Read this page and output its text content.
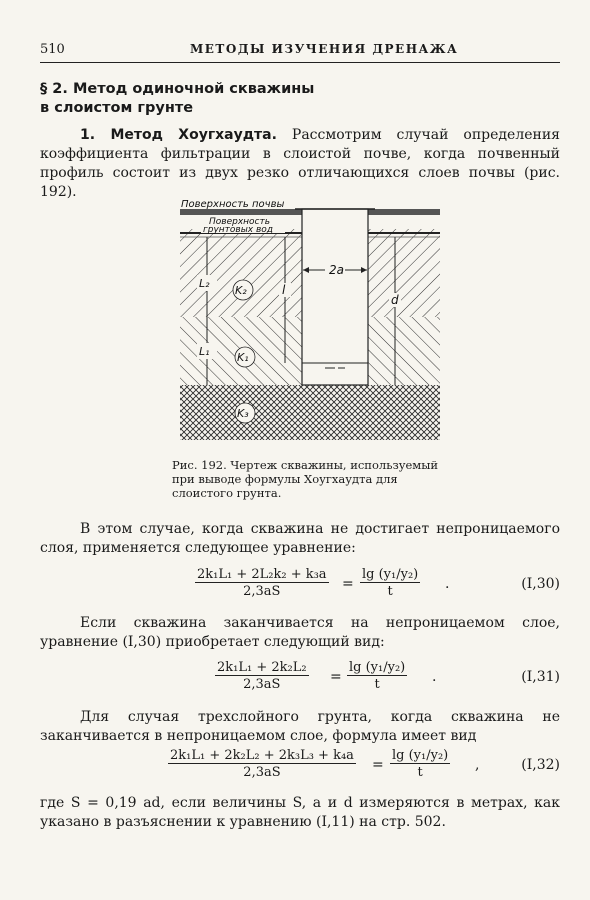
510	МЕТОДЫ ИЗУЧЕНИЯ ДРЕНАЖА
§ 2. Метод одиночной скважины
в слоистом грунте
1. Метод Хоугхаудта. Рассмотрим случай определения коэффициента фильтрации в слоистой почве, когда почвенный профиль состоит из двух резко отличающихся слоев почвы (рис. 192).
2a
d
l
L₂
L₁
K₂
K₁
K₃
Поверхность почвы
Поверхность
грунтовых вод
Рис. 192. Чертеж скважины, используемый при выводе формулы Хоугхаудта для слоистого грунта.
В этом случае, когда скважина не достигает непроницаемого слоя, применяется следующее уравнение:
$\frac{\text{2k₁L₁ + 2L₂k₂ + k₃a}}{2,3aS} = \frac{\text{lg (y₁/y₂)}}{t}$ .	(I,30)
Если скважина заканчивается на непроницаемом слое, уравнение (I,30) приобретает следующий вид:
$\frac{\text{2k₁L₁ + 2k₂L₂}}{2,3aS} = \frac{\text{lg (y₁/y₂)}}{t}$ .	(I,31)
Для случая трехслойного грунта, когда скважина не заканчивается в непроницаемом слое, формула имеет вид
$\frac{\text{2k₁L₁ + 2k₂L₂ + 2k₃L₃ + k₄a}}{2,3aS} = \frac{\text{lg (y₁/y₂)}}{t}$ ,	(I,32)
где S = 0,19 ad, если величины S, a и d измеряются в метрах, как указано в разъяснении к уравнению (I,11) на стр. 502.
